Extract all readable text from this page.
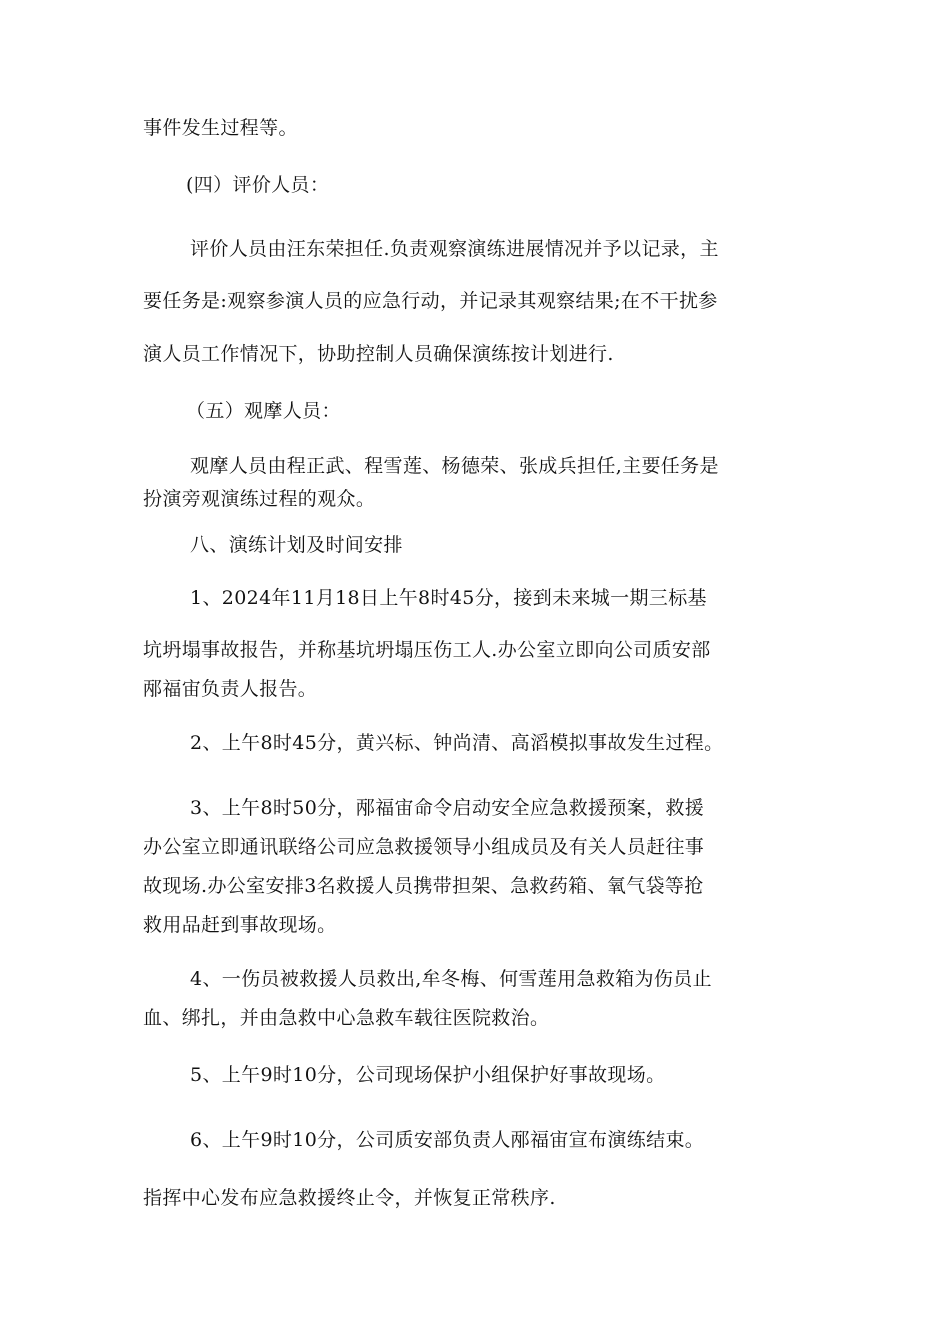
事件发生过程等。
(四）评价人员：
评价人员由汪东荣担任.负责观察演练进展情况并予以记录，主
要任务是:观察参演人员的应急行动，并记录其观察结果;在不干扰参
演人员工作情况下，协助控制人员确保演练按计划进行.
（五）观摩人员：
观摩人员由程正武、程雪莲、杨德荣、张成兵担任,主要任务是
扮演旁观演练过程的观众。
八、演练计划及时间安排
1、2024年11月18日上午8时45分，接到未来城一期三标基
坑坍塌事故报告，并称基坑坍塌压伤工人.办公室立即向公司质安部
邴福宙负责人报告。
2、上午8时45分，黄兴标、钟尚清、高滔模拟事故发生过程。
3、上午8时50分，邴福宙命令启动安全应急救援预案，救援
办公室立即通讯联络公司应急救援领导小组成员及有关人员赶往事
故现场.办公室安排3名救援人员携带担架、急救药箱、氧气袋等抢
救用品赶到事故现场。
4、一伤员被救援人员救出,牟冬梅、何雪莲用急救箱为伤员止
血、绑扎，并由急救中心急救车载往医院救治。
5、上午9时10分，公司现场保护小组保护好事故现场。
6、上午9时10分，公司质安部负责人邴福宙宣布演练结束。
指挥中心发布应急救援终止令，并恢复正常秩序.
